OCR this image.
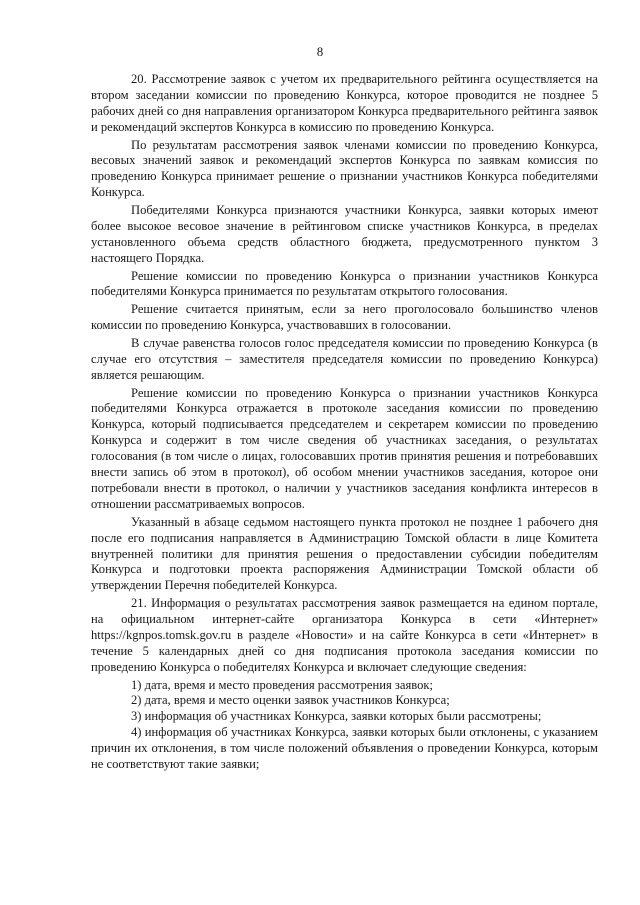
8

20. Рассмотрение заявок с учетом их предварительного рейтинга осуществляется на втором заседании комиссии по проведению Конкурса, которое проводится не позднее 5 рабочих дней со дня направления организатором Конкурса предварительного рейтинга заявок и рекомендаций экспертов Конкурса в комиссию по проведению Конкурса.

По результатам рассмотрения заявок членами комиссии по проведению Конкурса, весовых значений заявок и рекомендаций экспертов Конкурса по заявкам комиссия по проведению Конкурса принимает решение о признании участников Конкурса победителями Конкурса.

Победителями Конкурса признаются участники Конкурса, заявки которых имеют более высокое весовое значение в рейтинговом списке участников Конкурса, в пределах установленного объема средств областного бюджета, предусмотренного пунктом 3 настоящего Порядка.

Решение комиссии по проведению Конкурса о признании участников Конкурса победителями Конкурса принимается по результатам открытого голосования.

Решение считается принятым, если за него проголосовало большинство членов комиссии по проведению Конкурса, участвовавших в голосовании.

В случае равенства голосов голос председателя комиссии по проведению Конкурса (в случае его отсутствия – заместителя председателя комиссии по проведению Конкурса) является решающим.

Решение комиссии по проведению Конкурса о признании участников Конкурса победителями Конкурса отражается в протоколе заседания комиссии по проведению Конкурса, который подписывается председателем и секретарем комиссии по проведению Конкурса и содержит в том числе сведения об участниках заседания, о результатах голосования (в том числе о лицах, голосовавших против принятия решения и потребовавших внести запись об этом в протокол), об особом мнении участников заседания, которое они потребовали внести в протокол, о наличии у участников заседания конфликта интересов в отношении рассматриваемых вопросов.

Указанный в абзаце седьмом настоящего пункта протокол не позднее 1 рабочего дня после его подписания направляется в Администрацию Томской области в лице Комитета внутренней политики для принятия решения о предоставлении субсидии победителям Конкурса и подготовки проекта распоряжения Администрации Томской области об утверждении Перечня победителей Конкурса.

21. Информация о результатах рассмотрения заявок размещается на едином портале, на официальном интернет-сайте организатора Конкурса в сети «Интернет» https://kgnpos.tomsk.gov.ru в разделе «Новости» и на сайте Конкурса в сети «Интернет» в течение 5 календарных дней со дня подписания протокола заседания комиссии по проведению Конкурса о победителях Конкурса и включает следующие сведения:

1) дата, время и место проведения рассмотрения заявок;

2) дата, время и место оценки заявок участников Конкурса;

3) информация об участниках Конкурса, заявки которых были рассмотрены;

4) информация об участниках Конкурса, заявки которых были отклонены, с указанием причин их отклонения, в том числе положений объявления о проведении Конкурса, которым не соответствуют такие заявки;
